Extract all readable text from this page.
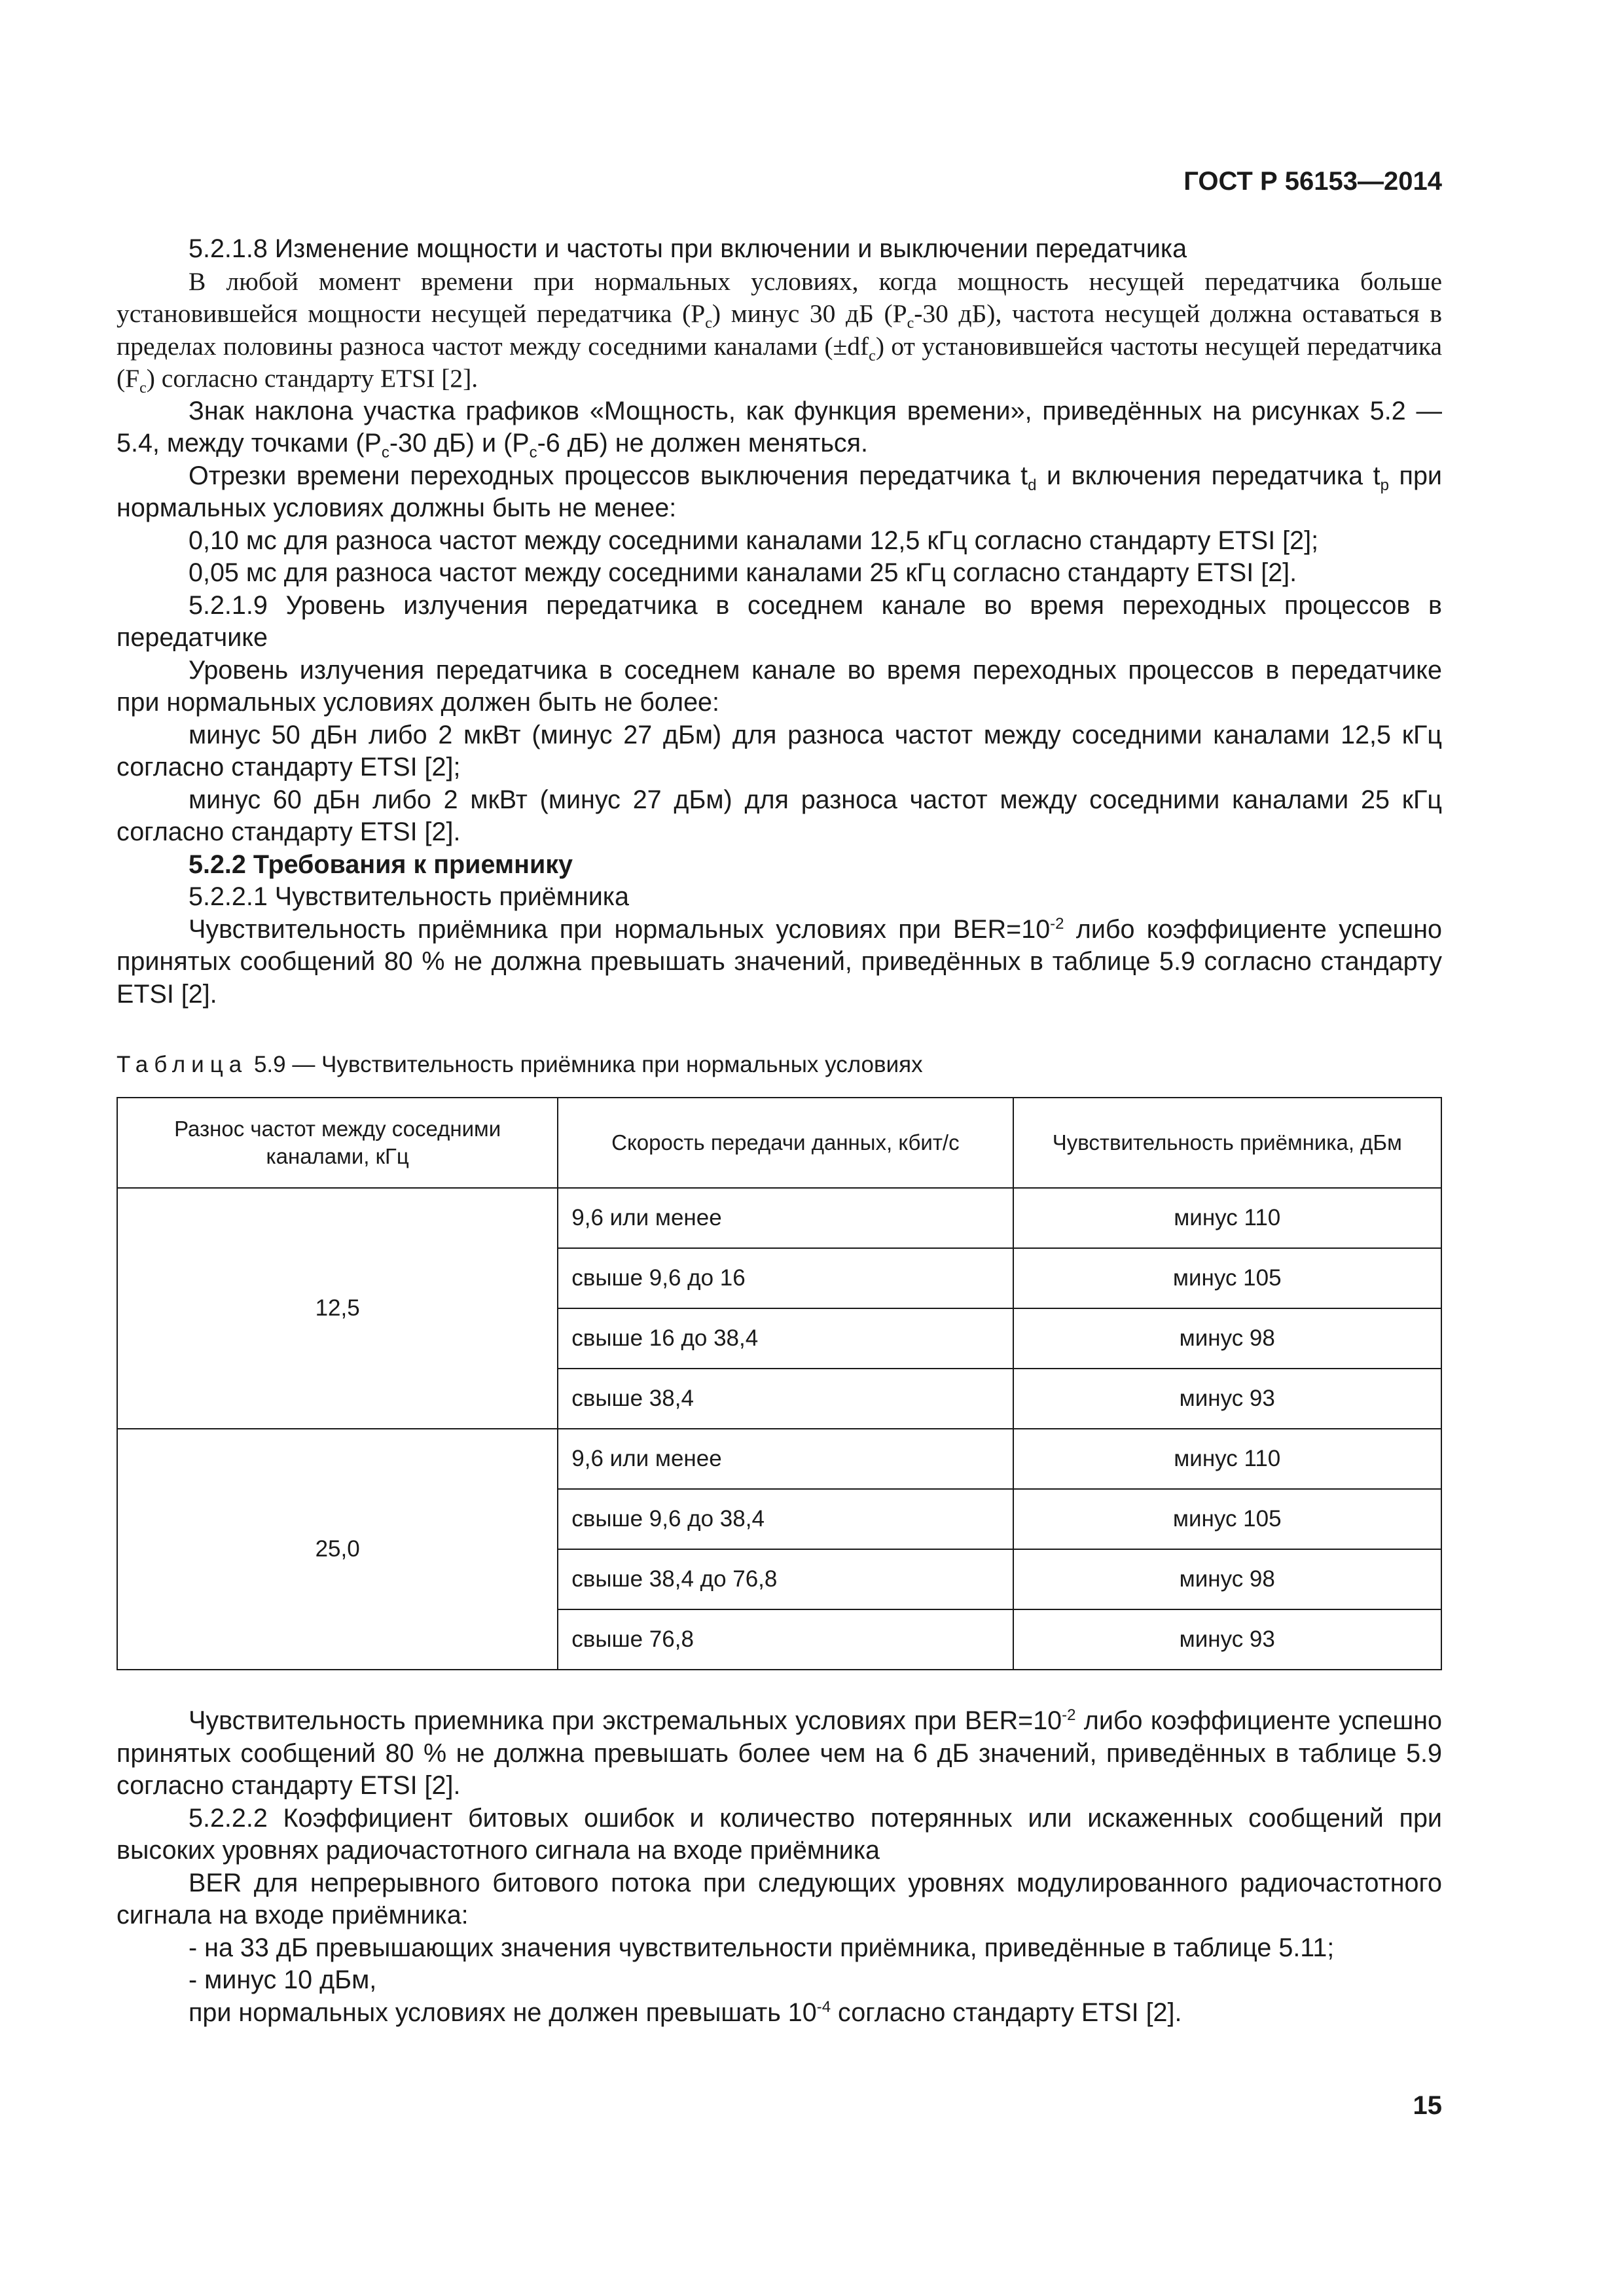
ГОСТ Р 56153—2014

5.2.1.8 Изменение мощности и частоты при включении и выключении передатчика

В любой момент времени при нормальных условиях, когда мощность несущей передатчика больше установившейся мощности несущей передатчика $(P_c)$ минус 30 дБ ($P_c-30$ дБ), частота несущей должна оставаться в пределах половины разноса частот между соседними каналами $(\pm df_c)$ от установившейся частоты несущей передатчика $(F_c)$ согласно стандарту ETSI [2].

Знак наклона участка графиков «Мощность, как функция времени», приведённых на рисунках 5.2 — 5.4, между точками ($P_c-30$ дБ) и ($P_c-6$ дБ) не должен меняться.

Отрезки времени переходных процессов выключения передатчика $t_d$ и включения передатчика $t_p$ при нормальных условиях должны быть не менее:

0,10 мс для разноса частот между соседними каналами 12,5 кГц согласно стандарту ETSI [2];

0,05 мс для разноса частот между соседними каналами 25 кГц согласно стандарту ETSI [2].

5.2.1.9 Уровень излучения передатчика в соседнем канале во время переходных процессов в передатчике

Уровень излучения передатчика в соседнем канале во время переходных процессов в передатчике при нормальных условиях должен быть не более:

минус 50 дБн либо 2 мкВт (минус 27 дБм) для разноса частот между соседними каналами 12,5 кГц согласно стандарту ETSI [2];

минус 60 дБн либо 2 мкВт (минус 27 дБм) для разноса частот между соседними каналами 25 кГц согласно стандарту ETSI [2].

5.2.2 Требования к приемнику

5.2.2.1 Чувствительность приёмника

Чувствительность приёмника при нормальных условиях при $BER=10^{-2}$ либо коэффициенте успешно принятых сообщений 80 % не должна превышать значений, приведённых в таблице 5.9 согласно стандарту ETSI [2].

Таблица 5.9 — Чувствительность приёмника при нормальных условиях
Разнос частот между соседними каналами, кГц	Скорость передачи данных, кбит/с	Чувствительность приёмника, дБм
12,5	9,6 или менее	минус 110
	свыше 9,6 до 16	минус 105
	свыше 16 до 38,4	минус 98
	свыше 38,4	минус 93
25,0	9,6 или менее	минус 110
	свыше 9,6 до 38,4	минус 105
	свыше 38,4 до 76,8	минус 98
	свыше 76,8	минус 93

Чувствительность приемника при экстремальных условиях при $BER=10^{-2}$ либо коэффициенте успешно принятых сообщений 80 % не должна превышать более чем на 6 дБ значений, приведённых в таблице 5.9 согласно стандарту ETSI [2].

5.2.2.2 Коэффициент битовых ошибок и количество потерянных или искаженных сообщений при высоких уровнях радиочастотного сигнала на входе приёмника

BER для непрерывного битового потока при следующих уровнях модулированного радиочастотного сигнала на входе приёмника:

- на 33 дБ превышающих значения чувствительности приёмника, приведённые в таблице 5.11;

- минус 10 дБм,

при нормальных условиях не должен превышать $10^{-4}$ согласно стандарту ETSI [2].

15
